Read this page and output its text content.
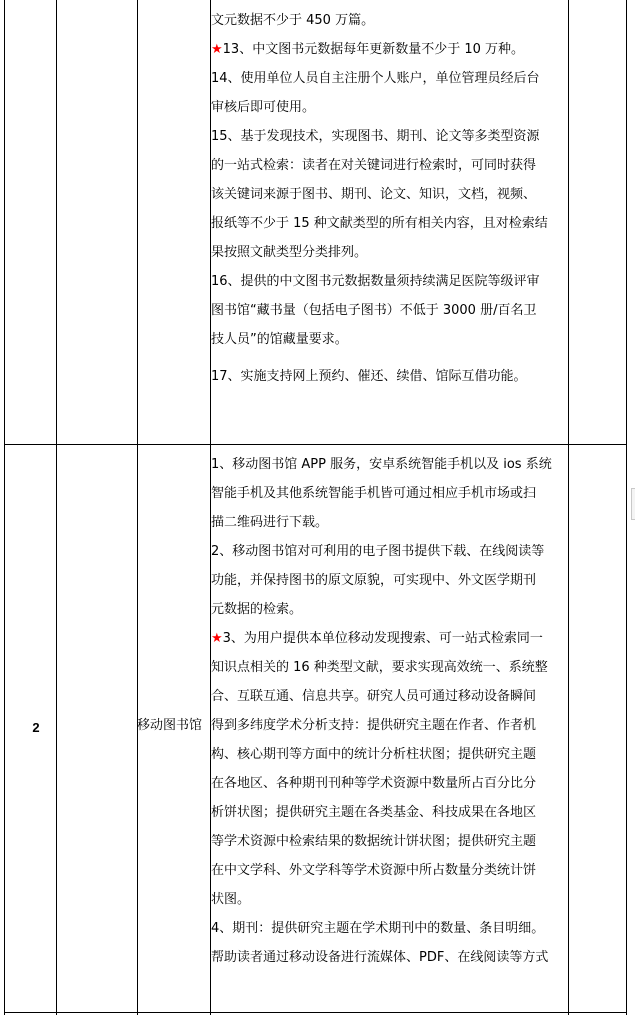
文元数据不少于 450 万篇。
★13、中文图书元数据每年更新数量不少于 10 万种。
14、使用单位人员自主注册个人账户，单位管理员经后台
审核后即可使用。
15、基于发现技术，实现图书、期刊、论文等多类型资源
的一站式检索：读者在对关键词进行检索时，可同时获得
该关键词来源于图书、期刊、论文、知识，文档，视频、
报纸等不少于 15 种文献类型的所有相关内容，且对检索结
果按照文献类型分类排列。
16、提供的中文图书元数据数量须持续满足医院等级评审
图书馆“藏书量（包括电子图书）不低于 3000 册/百名卫
技人员”的馆藏量要求。
17、实施支持网上预约、催还、续借、馆际互借功能。
2	移动图书馆
1、移动图书馆 APP 服务，安卓系统智能手机以及 ios 系统
智能手机及其他系统智能手机皆可通过相应手机市场或扫
描二维码进行下载。
2、移动图书馆对可利用的电子图书提供下载、在线阅读等
功能，并保持图书的原文原貌，可实现中、外文医学期刊
元数据的检索。
★3、为用户提供本单位移动发现搜索、可一站式检索同一
知识点相关的 16 种类型文献，要求实现高效统一、系统整
合、互联互通、信息共享。研究人员可通过移动设备瞬间
得到多纬度学术分析支持：提供研究主题在作者、作者机
构、核心期刊等方面中的统计分析柱状图；提供研究主题
在各地区、各种期刊刊种等学术资源中数量所占百分比分
析饼状图；提供研究主题在各类基金、科技成果在各地区
等学术资源中检索结果的数据统计饼状图；提供研究主题
在中文学科、外文学科等学术资源中所占数量分类统计饼
状图。
4、期刊：提供研究主题在学术期刊中的数量、条目明细。
帮助读者通过移动设备进行流媒体、PDF、在线阅读等方式
